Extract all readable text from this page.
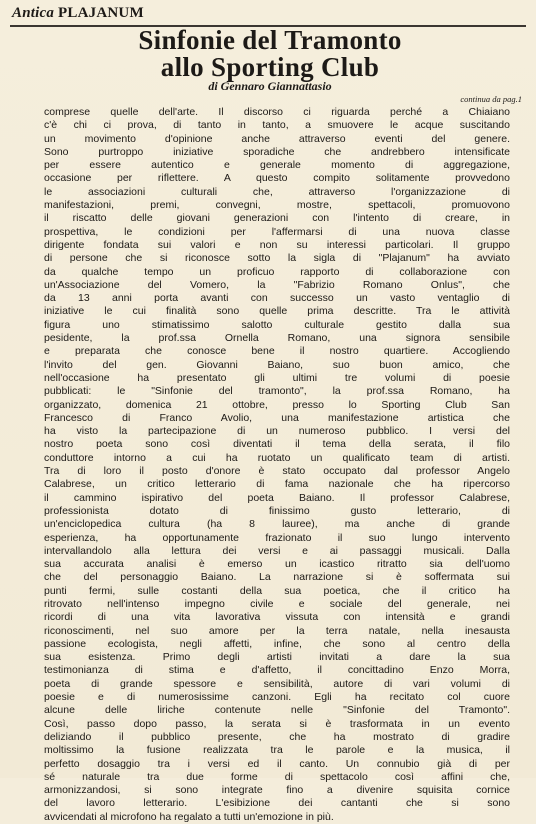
Antica PLAJANUM
Sinfonie del Tramonto
allo Sporting Club
di Gennaro Giannattasio
continua da pag.1
comprese quelle dell'arte. Il discorso ci riguarda perché a Chiaiano
c'è chi ci prova, di tanto in tanto, a smuovere le acque suscitando
un movimento d'opinione anche attraverso eventi del genere.
Sono purtroppo iniziative sporadiche che andrebbero intensificate
per essere autentico e generale momento di aggregazione,
occasione per riflettere. A questo compito solitamente provvedono
le associazioni culturali che, attraverso l'organizzazione di
manifestazioni, premi, convegni, mostre, spettacoli, promuovono
il riscatto delle giovani generazioni con l'intento di creare, in
prospettiva, le condizioni per l'affermarsi di una nuova classe
dirigente fondata sui valori e non su interessi particolari. Il gruppo
di persone che si riconosce sotto la sigla di "Plajanum" ha avviato
da qualche tempo un proficuo rapporto di collaborazione con
un'Associazione del Vomero, la "Fabrizio Romano Onlus", che
da 13 anni porta avanti con successo un vasto ventaglio di
iniziative le cui finalità sono quelle prima descritte. Tra le attività
figura uno stimatissimo salotto culturale gestito dalla sua
pesidente, la prof.ssa Ornella Romano, una signora sensibile
e preparata che conosce bene il nostro quartiere. Accogliendo
l'invito del gen. Giovanni Baiano, suo buon amico, che
nell'occasione ha presentato gli ultimi tre volumi di poesie
pubblicati: le "Sinfonie del tramonto", la prof.ssa Romano, ha
organizzato, domenica 21 ottobre, presso lo Sporting Club San
Francesco di Franco Avolio, una manifestazione artistica che
ha visto la partecipazione di un numeroso pubblico. I versi del
nostro poeta sono così diventati il tema della serata, il filo
conduttore intorno a cui ha ruotato un qualificato team di artisti.
Tra di loro il posto d'onore è stato occupato dal professor Angelo
Calabrese, un critico letterario di fama nazionale che ha ripercorso
il cammino ispirativo del poeta Baiano. Il professor Calabrese,
professionista dotato di finissimo gusto letterario, di
un'enciclopedica cultura (ha 8 lauree), ma anche di grande
esperienza, ha opportunamente frazionato il suo lungo intervento
intervallandolo alla lettura dei versi e ai passaggi musicali. Dalla
sua accurata analisi è emerso un icastico ritratto sia dell'uomo
che del personaggio Baiano. La narrazione si è soffermata sui
punti fermi, sulle costanti della sua poetica, che il critico ha
ritrovato nell'intenso impegno civile e sociale del generale, nei
ricordi di una vita lavorativa vissuta con intensità e grandi
riconoscimenti, nel suo amore per la terra natale, nella inesausta
passione ecologista, negli affetti, infine, che sono al centro della
sua esistenza. Primo degli artisti invitati a dare la sua
testimonianza di stima e d'affetto, il concittadino Enzo Morra,
poeta di grande spessore e sensibilità, autore di vari volumi di
poesie e di numerosissime canzoni. Egli ha recitato col cuore
alcune delle liriche contenute nelle "Sinfonie del Tramonto".
Così, passo dopo passo, la serata si è trasformata in un evento
deliziando il pubblico presente, che ha mostrato di gradire
moltissimo la fusione realizzata tra le parole e la musica, il
perfetto dosaggio tra i versi ed il canto. Un connubio già di per
sé naturale tra due forme di spettacolo così affini che,
armonizzandosi, si sono integrate fino a divenire squisita cornice
del lavoro letterario. L'esibizione dei cantanti che si sono
avvicendati al microfono ha regalato a tutti un'emozione in più.
